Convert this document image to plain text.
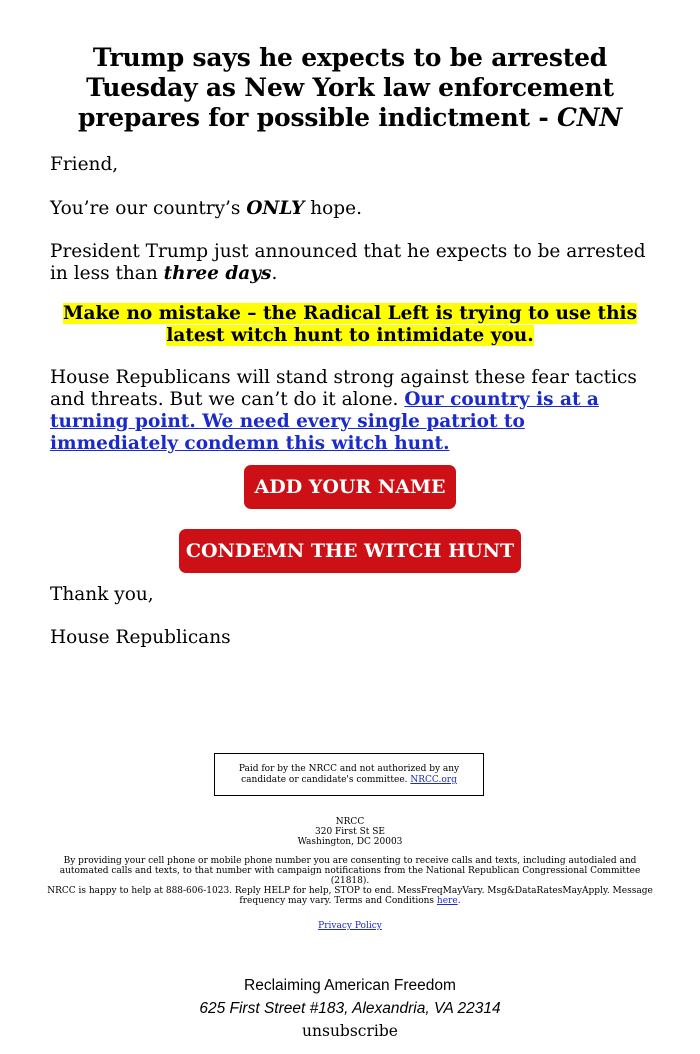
Trump says he expects to be arrested Tuesday as New York law enforcement prepares for possible indictment - CNN
Friend,
You’re our country’s ONLY hope.
President Trump just announced that he expects to be arrested in less than three days.
Make no mistake – the Radical Left is trying to use this latest witch hunt to intimidate you.
House Republicans will stand strong against these fear tactics and threats. But we can’t do it alone. Our country is at a turning point. We need every single patriot to immediately condemn this witch hunt.
ADD YOUR NAME
CONDEMN THE WITCH HUNT
Thank you,
House Republicans
Paid for by the NRCC and not authorized by any candidate or candidate's committee. NRCC.org
NRCC
320 First St SE
Washington, DC 20003
By providing your cell phone or mobile phone number you are consenting to receive calls and texts, including autodialed and automated calls and texts, to that number with campaign notifications from the National Republican Congressional Committee (21818).
NRCC is happy to help at 888-606-1023. Reply HELP for help, STOP to end. MessFreqMayVary. Msg&DataRatesMayApply. Message frequency may vary. Terms and Conditions here.
Privacy Policy
Reclaiming American Freedom
625 First Street #183, Alexandria, VA 22314
unsubscribe
